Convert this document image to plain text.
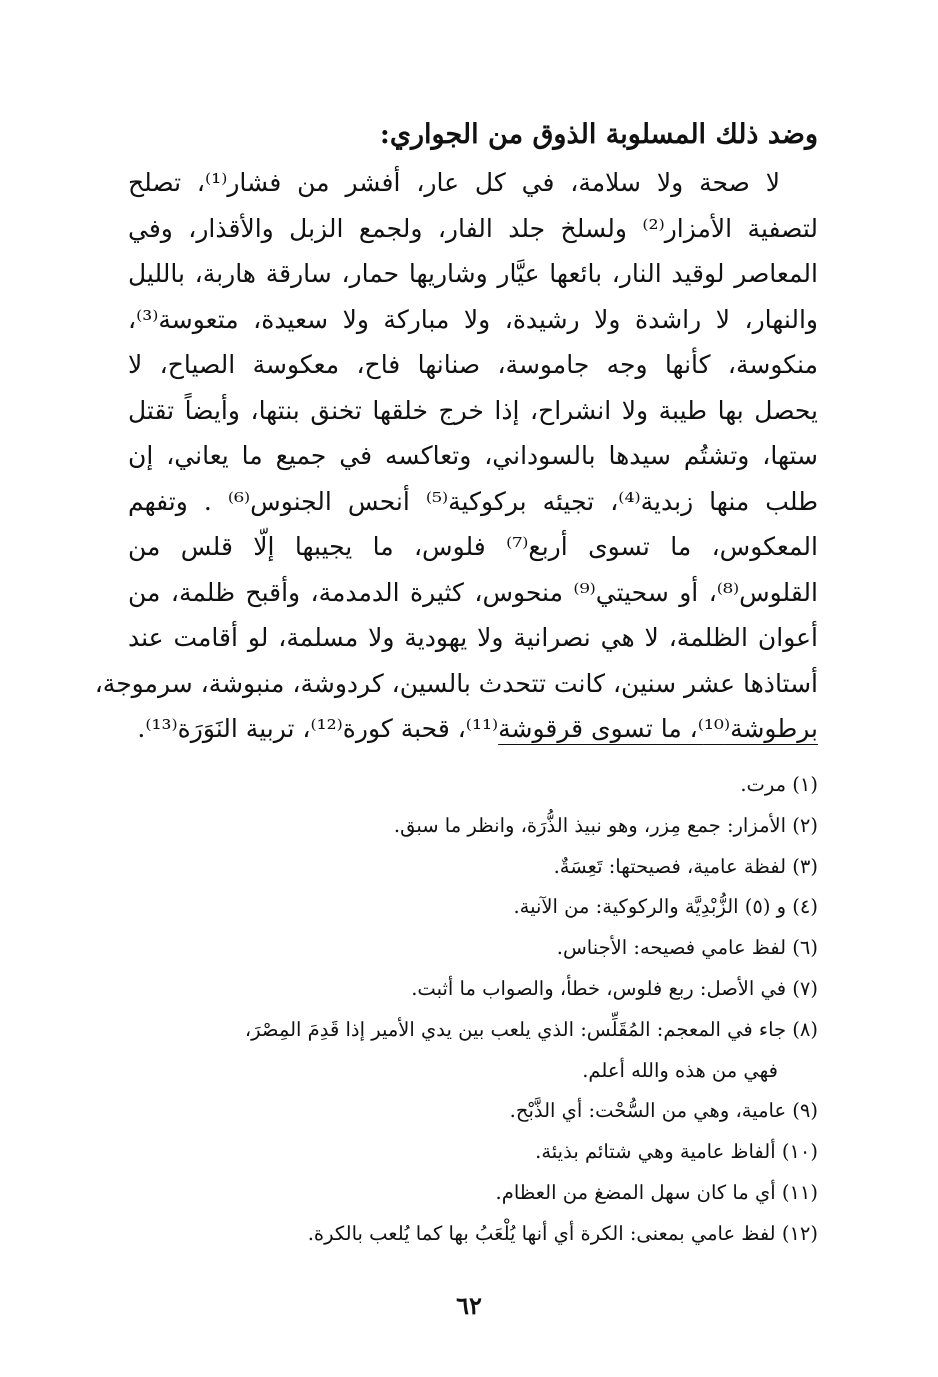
وضد ذلك المسلوبة الذوق من الجواري:
لا صحة ولا سلامة، في كل عار، أفشر من فشار⁽¹⁾، تصلح
لتصفية الأمزار⁽²⁾ ولسلخ جلد الفار، ولجمع الزبل والأقذار، وفي
المعاصر لوقيد النار، بائعها عيَّار وشاريها حمار، سارقة هاربة، بالليل
والنهار، لا راشدة ولا رشيدة، ولا مباركة ولا سعيدة، متعوسة⁽³⁾،
منكوسة، كأنها وجه جاموسة، صنانها فاح، معكوسة الصياح، لا
يحصل بها طيبة ولا انشراح، إذا خرج خلقها تخنق بنتها، وأيضاً تقتل
ستها، وتشتُم سيدها بالسوداني، وتعاكسه في جميع ما يعاني، إن
طلب منها زبدية⁽⁴⁾، تجيئه بركوكية⁽⁵⁾ أنحس الجنوس⁽⁶⁾ . وتفهم
المعكوس، ما تسوى أربع⁽⁷⁾ فلوس، ما يجيبها إلّا قلس من
القلوس⁽⁸⁾، أو سحيتي⁽⁹⁾ منحوس، كثيرة الدمدمة، وأقبح ظلمة، من
أعوان الظلمة، لا هي نصرانية ولا يهودية ولا مسلمة، لو أقامت عند
أستاذها عشر سنين، كانت تتحدث بالسين، كردوشة، منبوشة، سرموجة،
برطوشة⁽¹⁰⁾، ما تسوى قرقوشة⁽¹¹⁾، قحبة كورة⁽¹²⁾، تربية النَوَرَة⁽¹³⁾.
(١) مرت.
(٢) الأمزار: جمع مِزر، وهو نبيذ الذُّرَة، وانظر ما سبق.
(٣) لفظة عامية، فصيحتها: تَعِسَةٌ.
(٤) و (٥) الزُّبْدِيَّة والركوكية: من الآنية.
(٦) لفظ عامي فصيحه: الأجناس.
(٧) في الأصل: ربع فلوس، خطأ، والصواب ما أثبت.
(٨) جاء في المعجم: المُقَلِّس: الذي يلعب بين يدي الأمير إذا قَدِمَ المِصْرَ،
فهي من هذه والله أعلم.
(٩) عامية، وهي من السُّحْت: أي الذَّبْح.
(١٠) ألفاظ عامية وهي شتائم بذيئة.
(١١) أي ما كان سهل المضغ من العظام.
(١٢) لفظ عامي بمعنى: الكرة أي أنها يُلْعَبُ بها كما يُلعب بالكرة.
٦٢
